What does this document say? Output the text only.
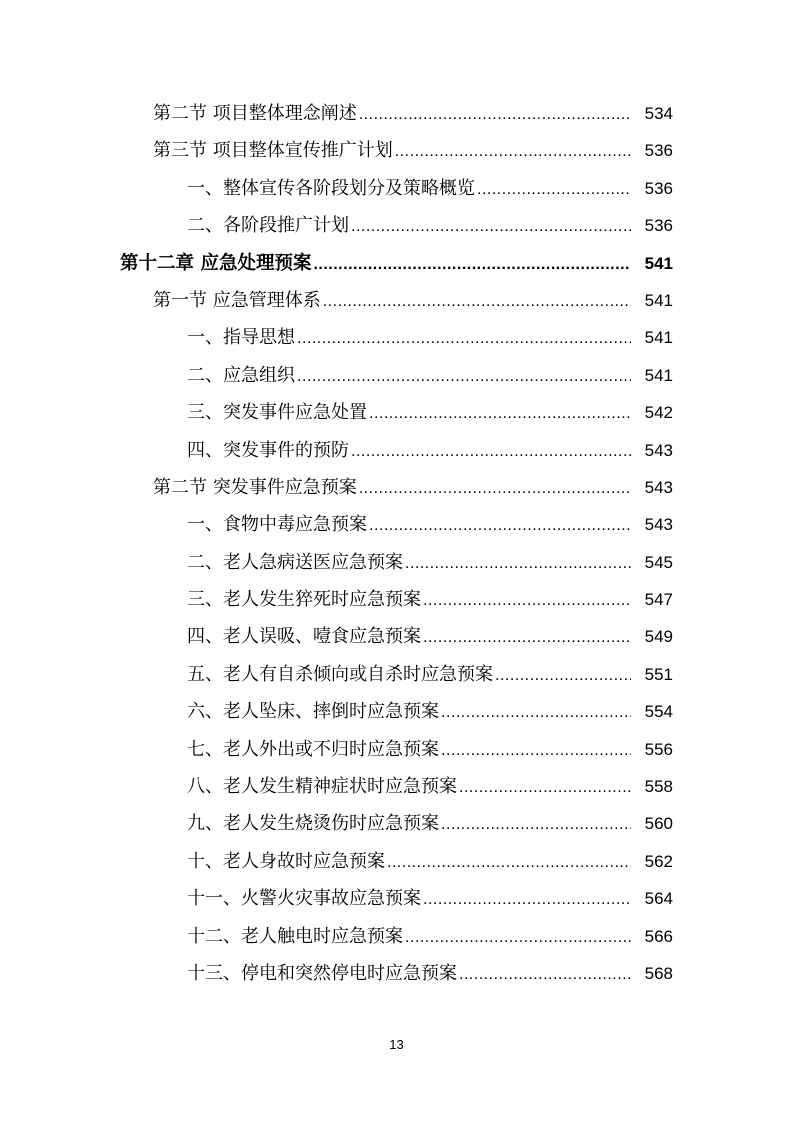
第二节 项目整体理念阐述 .....	534
第三节 项目整体宣传推广计划 .....	536
一、整体宣传各阶段划分及策略概览 .....	536
二、各阶段推广计划 .....	536
第十二章 应急处理预案 .....	541
第一节 应急管理体系 .....	541
一、指导思想 .....	541
二、应急组织 .....	541
三、突发事件应急处置 .....	542
四、突发事件的预防 .....	543
第二节 突发事件应急预案 .....	543
一、食物中毒应急预案 .....	543
二、老人急病送医应急预案 .....	545
三、老人发生猝死时应急预案 .....	547
四、老人误吸、噎食应急预案 .....	549
五、老人有自杀倾向或自杀时应急预案 .....	551
六、老人坠床、摔倒时应急预案 .....	554
七、老人外出或不归时应急预案 .....	556
八、老人发生精神症状时应急预案 .....	558
九、老人发生烧烫伤时应急预案 .....	560
十、老人身故时应急预案 .....	562
十一、火警火灾事故应急预案 .....	564
十二、老人触电时应急预案 .....	566
十三、停电和突然停电时应急预案 .....	568
13
